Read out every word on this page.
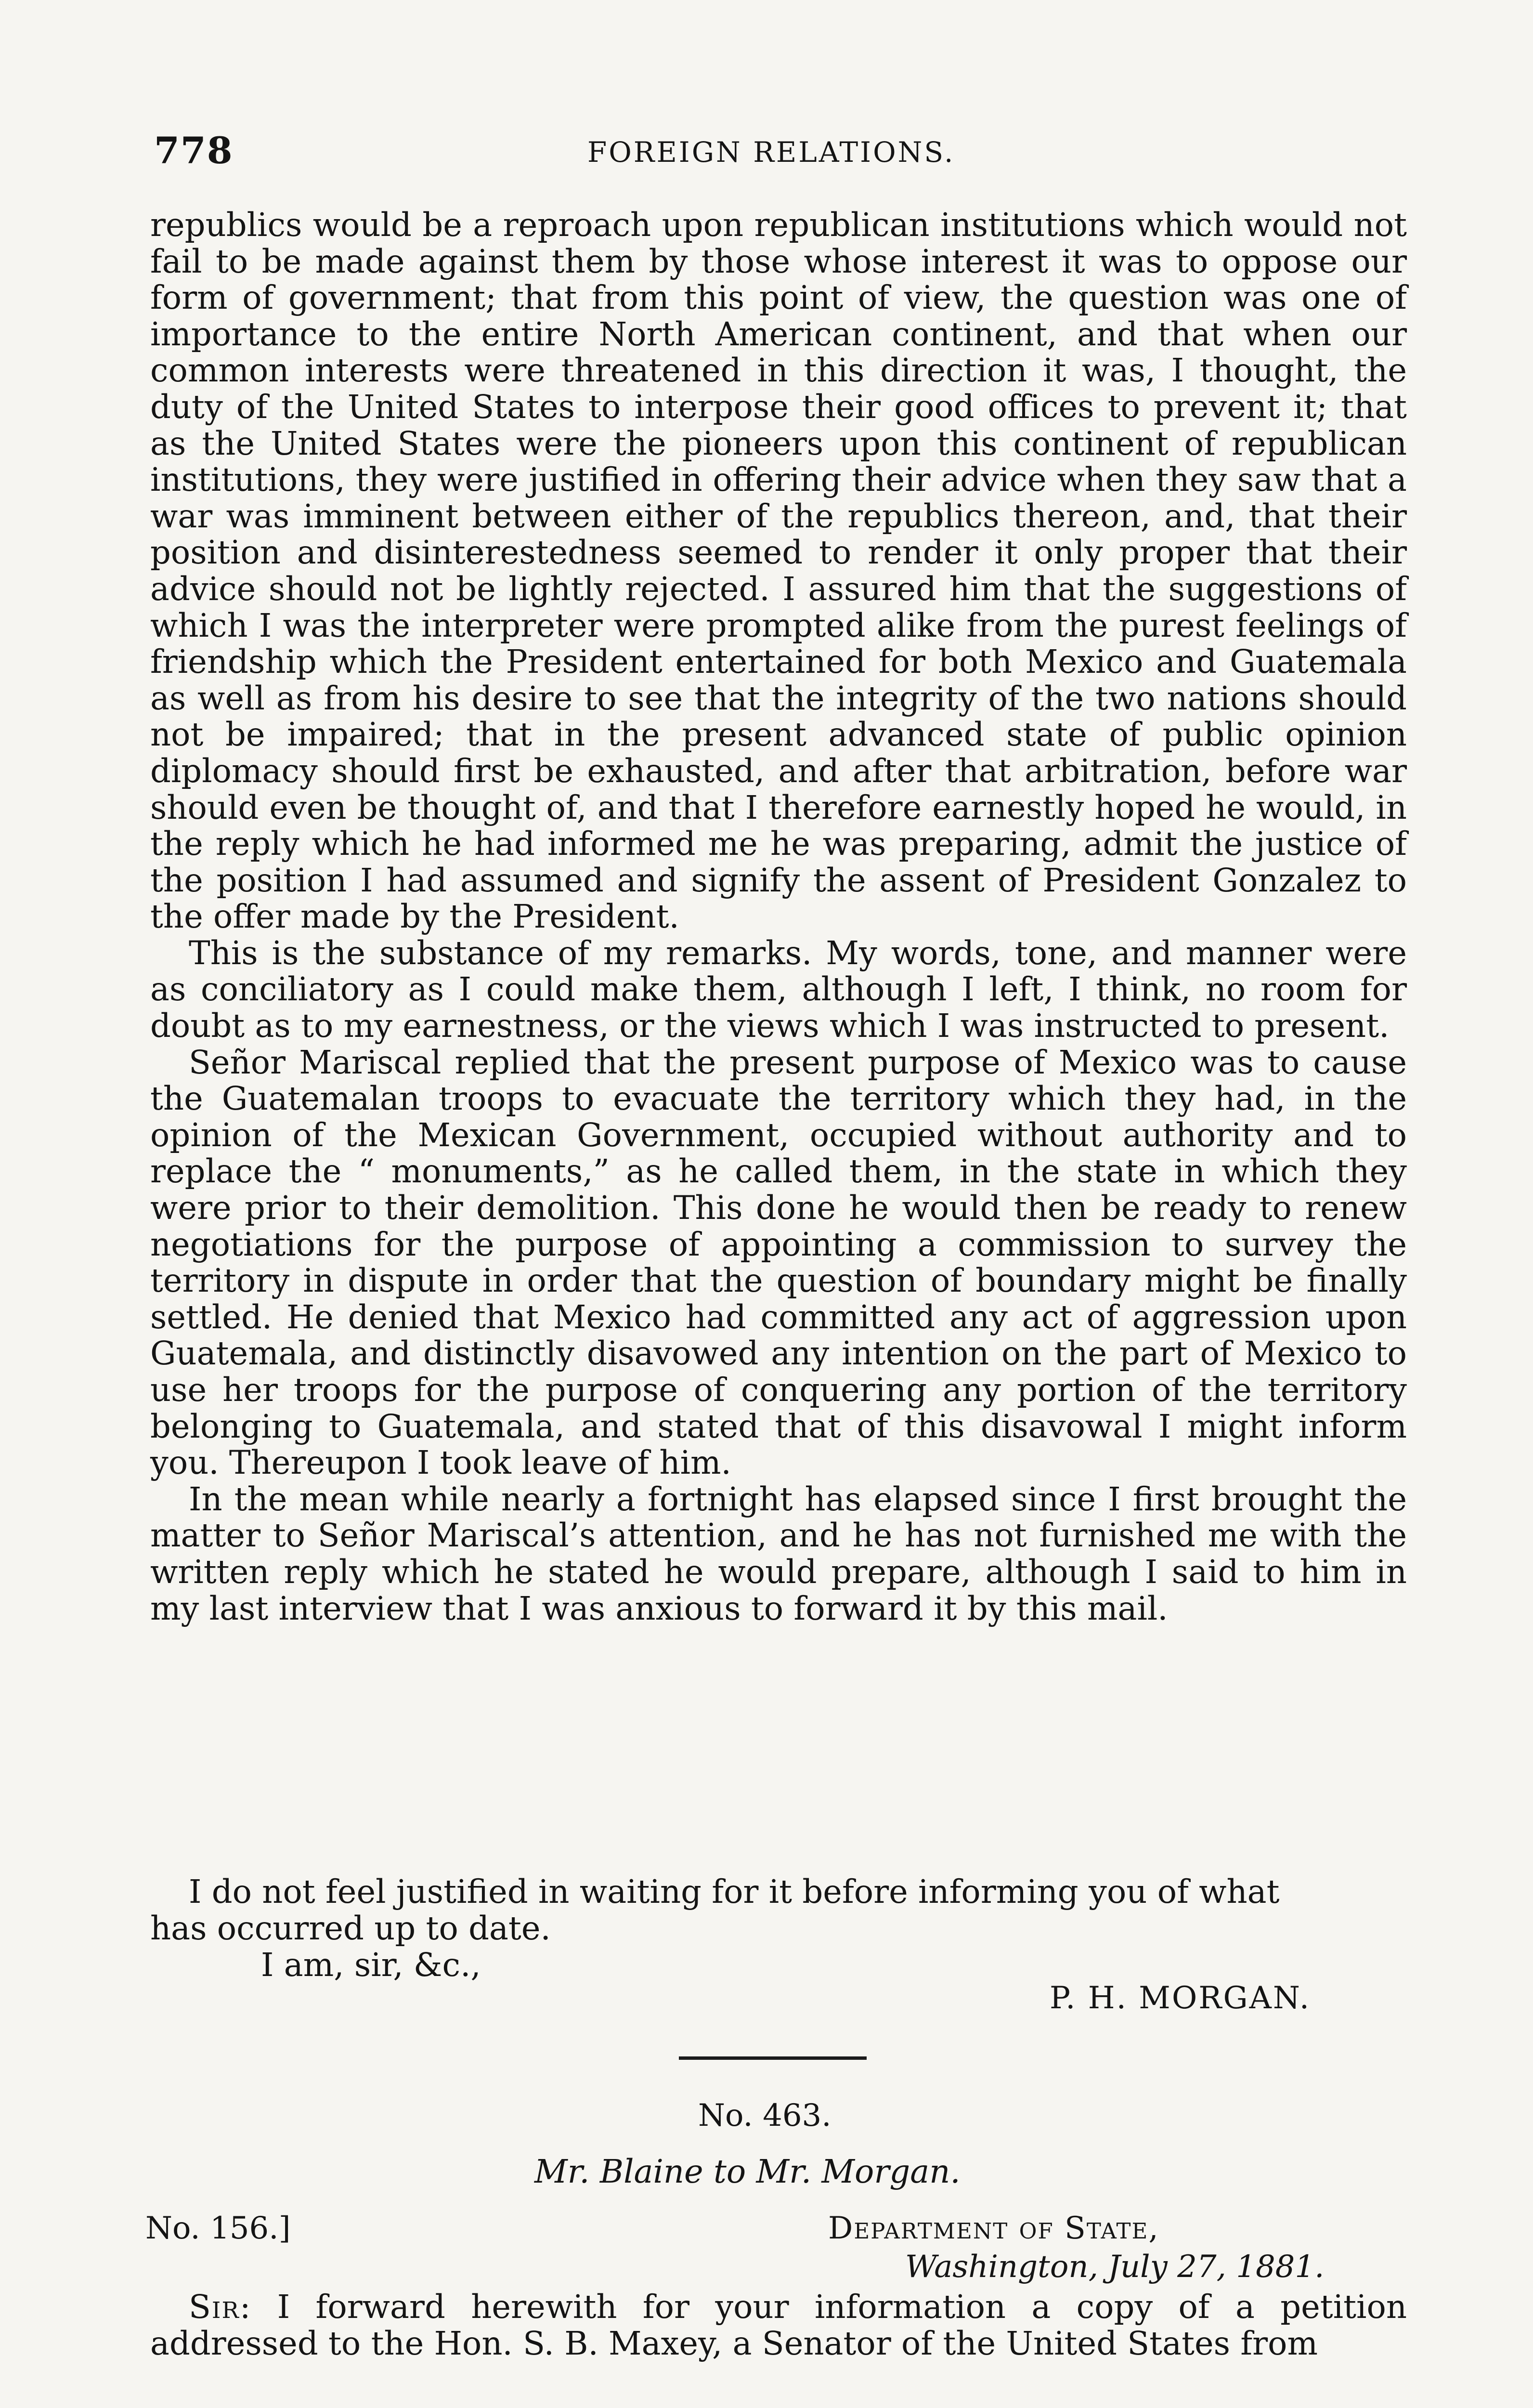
778	FOREIGN RELATIONS.

republics would be a reproach upon republican institutions which would not fail to be made against them by those whose interest it was to oppose our form of government; that from this point of view, the question was one of importance to the entire North American continent, and that when our common interests were threatened in this direction it was, I thought, the duty of the United States to interpose their good offices to prevent it; that as the United States were the pioneers upon this continent of republican institutions, they were justified in offering their advice when they saw that a war was imminent between either of the republics thereon, and, that their position and disinterestedness seemed to render it only proper that their advice should not be lightly rejected. I assured him that the suggestions of which I was the interpreter were prompted alike from the purest feelings of friendship which the President entertained for both Mexico and Guatemala as well as from his desire to see that the integrity of the two nations should not be impaired; that in the present advanced state of public opinion diplomacy should first be exhausted, and after that arbitration, before war should even be thought of, and that I therefore earnestly hoped he would, in the reply which he had informed me he was preparing, admit the justice of the position I had assumed and signify the assent of President Gonzalez to the offer made by the President.

This is the substance of my remarks. My words, tone, and manner were as conciliatory as I could make them, although I left, I think, no room for doubt as to my earnestness, or the views which I was instructed to present.

Señor Mariscal replied that the present purpose of Mexico was to cause the Guatemalan troops to evacuate the territory which they had, in the opinion of the Mexican Government, occupied without authority and to replace the “ monuments,” as he called them, in the state in which they were prior to their demolition. This done he would then be ready to renew negotiations for the purpose of appointing a commission to survey the territory in dispute in order that the question of boundary might be finally settled. He denied that Mexico had committed any act of aggression upon Guatemala, and distinctly disavowed any intention on the part of Mexico to use her troops for the purpose of conquering any portion of the territory belonging to Guatemala, and stated that of this disavowal I might inform you. Thereupon I took leave of him.

In the mean while nearly a fortnight has elapsed since I first brought the matter to Señor Mariscal’s attention, and he has not furnished me with the written reply which he stated he would prepare, although I said to him in my last interview that I was anxious to forward it by this mail.

I do not feel justified in waiting for it before informing you of what
has occurred up to date.
I am, sir, &c.,
P. H. MORGAN.
No. 463.
Mr. Blaine to Mr. Morgan.
No. 156.]	Department of State,
Washington, July 27, 1881.
Sir: I forward herewith for your information a copy of a petition addressed to the Hon. S. B. Maxey, a Senator of the United States from
